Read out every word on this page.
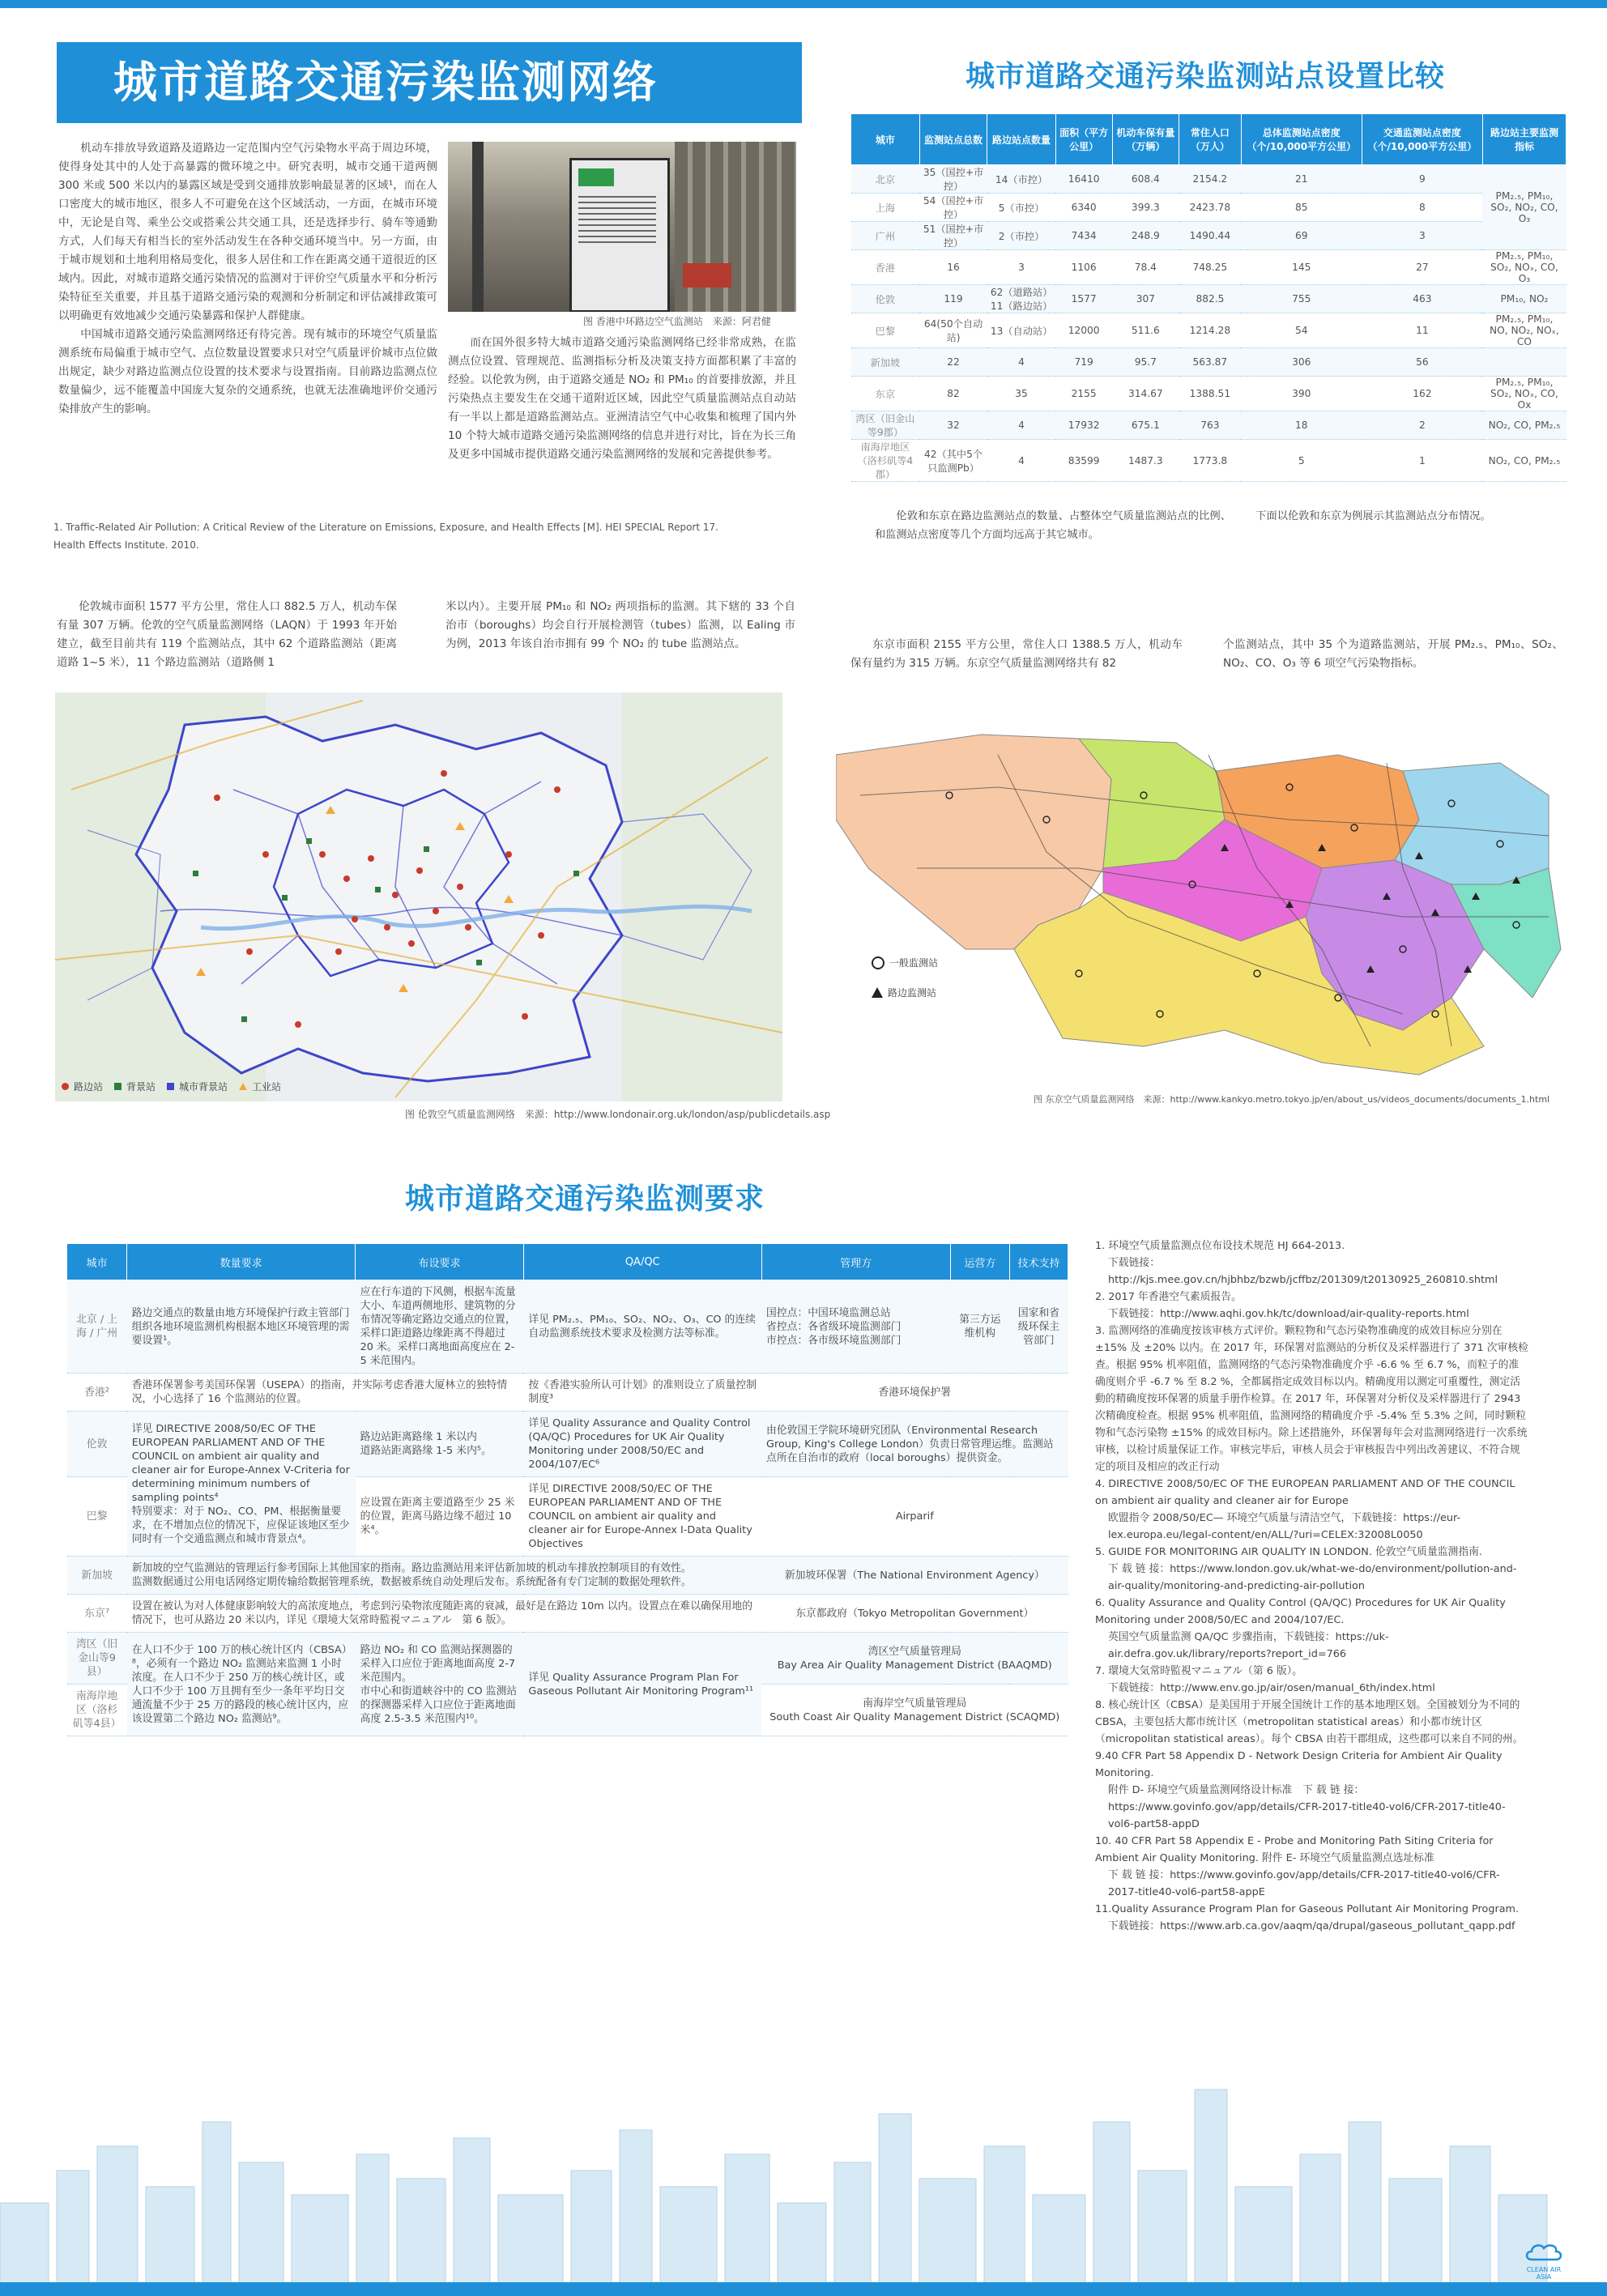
城市道路交通污染监测网络

机动车排放导致道路及道路边一定范围内空气污染物水平高于周边环境，使得身处其中的人处于高暴露的微环境之中。研究表明，城市交通干道两侧 300 米或 500 米以内的暴露区域是受到交通排放影响最显著的区域¹，而在人口密度大的城市地区，很多人不可避免在这个区域活动，一方面，在城市环境中，无论是自驾、乘坐公交或搭乘公共交通工具，还是选择步行、骑车等通勤方式，人们每天有相当长的室外活动发生在各种交通环境当中。另一方面，由于城市规划和土地利用格局变化，很多人居住和工作在距离交通干道很近的区域内。因此，对城市道路交通污染情况的监测对于评价空气质量水平和分析污染特征至关重要，并且基于道路交通污染的观测和分析制定和评估减排政策可以明确更有效地减少交通污染暴露和保护人群健康。

中国城市道路交通污染监测网络还有待完善。现有城市的环境空气质量监测系统布局偏重于城市空气、点位数量设置要求只对空气质量评价城市点位做出规定，缺少对路边监测点位设置的技术要求与设置指南。目前路边监测点位数量偏少，远不能覆盖中国庞大复杂的交通系统，也就无法准确地评价交通污染排放产生的影响。

图 香港中环路边空气监测站　来源：阿君健

而在国外很多特大城市道路交通污染监测网络已经非常成熟，在监测点位设置、管理规范、监测指标分析及决策支持方面都积累了丰富的经验。以伦敦为例，由于道路交通是 NO₂ 和 PM₁₀ 的首要排放源，并且污染热点主要发生在交通干道附近区域，因此空气质量监测站点自动站有一半以上都是道路监测站点。亚洲清洁空气中心收集和梳理了国内外 10 个特大城市道路交通污染监测网络的信息并进行对比，旨在为长三角及更多中国城市提供道路交通污染监测网络的发展和完善提供参考。

1. Traffic-Related Air Pollution: A Critical Review of the Literature on Emissions, Exposure, and Health Effects [M]. HEI SPECIAL Report 17. Health Effects Institute. 2010.
城市道路交通污染监测站点设置比较
城市	监测站点总数	路边站点数量	面积（平方公里）	机动车保有量（万辆）	常住人口（万人）	总体监测站点密度（个/10,000平方公里）	交通监测站点密度（个/10,000平方公里）	路边站主要监测指标
北京	35（国控+市控）	14（市控）	16410	608.4	2154.2	21	9	PM₂.₅, PM₁₀, SO₂, NO₂, CO, O₃
上海	54（国控+市控）	5（市控）	6340	399.3	2423.78	85	8	
广州	51（国控+市控）	2（市控）	7434	248.9	1490.44	69	3	
香港	16	3	1106	78.4	748.25	145	27	PM₂.₅, PM₁₀, SO₂, NOₓ, CO, O₃
伦敦	119	62（道路站）11（路边站）	1577	307	882.5	755	463	PM₁₀, NO₂
巴黎	64(50个自动站)	13（自动站）	12000	511.6	1214.28	54	11	PM₂.₅, PM₁₀, NO, NO₂, NOₓ, CO
新加坡	22	4	719	95.7	563.87	306	56	
东京	82	35	2155	314.67	1388.51	390	162	PM₂.₅, PM₁₀, SO₂, NOₓ, CO, Ox
湾区（旧金山等9郡）	32	4	17932	675.1	763	18	2	NO₂, CO, PM₂.₅
南海岸地区（洛杉矶等4郡）	42（其中5个只监测Pb）	4	83599	1487.3	1773.8	5	1	NO₂, CO, PM₂.₅

伦敦和东京在路边监测站点的数量、占整体空气质量监测站点的比例、和监测站点密度等几个方面均远高于其它城市。

下面以伦敦和东京为例展示其监测站点分布情况。

伦敦城市面积 1577 平方公里，常住人口 882.5 万人，机动车保有量 307 万辆。伦敦的空气质量监测网络（LAQN）于 1993 年开始建立，截至目前共有 119 个监测站点，其中 62 个道路监测站（距离道路 1~5 米），11 个路边监测站（道路侧 1

米以内）。主要开展 PM₁₀ 和 NO₂ 两项指标的监测。其下辖的 33 个自治市（boroughs）均会自行开展检测管（tubes）监测，以 Ealing 市为例，2013 年该自治市拥有 99 个 NO₂ 的 tube 监测站点。	东京市面积 2155 平方公里，常住人口 1388.5 万人，机动车保有量约为 315 万辆。东京空气质量监测网络共有 82

个监测站点，其中 35 个为道路监测站，开展 PM₂.₅、PM₁₀、SO₂、NO₂、CO、O₃ 等 6 项空气污染物指标。

路边站 背景站 城市背景站	工业站
图 伦敦空气质量监测网络　来源：http://www.londonair.org.uk/london/asp/publicdetails.asp
一般监测站
路边监测站
图 东京空气质量监测网络　来源：http://www.kankyo.metro.tokyo.jp/en/about_us/videos_documents/documents_1.html
城市道路交通污染监测要求
城市	数量要求	布设要求	QA/QC	管理方	运营方	技术支持
北京 / 上海 / 广州	路边交通点的数量由地方环境保护行政主管部门组织各地环境监测机构根据本地区环境管理的需要设置¹。	应在行车道的下风侧，根据车流量大小、车道两侧地形、建筑物的分布情况等确定路边交通点的位置，采样口距道路边缘距离不得超过 20 米。采样口离地面高度应在 2-5 米范围内。	详见 PM₂.₅、PM₁₀、SO₂、NO₂、O₃、CO 的连续自动监测系统技术要求及检测方法等标准。	国控点：中国环境监测总站
省控点：各省级环境监测部门
市控点：各市级环境监测部门	第三方运维机构	国家和省级环保主管部门
香港²	香港环保署参考美国环保署（USEPA）的指南，并实际考虑香港大厦林立的独特情况，小心选择了 16 个监测站的位置。		按《香港实验所认可计划》的准则设立了质量控制制度³	香港环境保护署		
伦敦	详见 DIRECTIVE 2008/50/EC OF THE EUROPEAN PARLIAMENT AND OF THE COUNCIL on ambient air quality and cleaner air for Europe-Annex V-Criteria for determining minimum numbers of sampling points⁴
特别要求：对于 NO₂、CO、PM、根据衡量要求，在不增加点位的情况下，应保证该地区至少同时有一个交通监测点和城市背景点⁴。	路边站距离路缘 1 米以内
道路站距离路缘 1-5 米内⁵。	详见 Quality Assurance and Quality Control (QA/QC) Procedures for UK Air Quality Monitoring under 2008/50/EC and 2004/107/EC⁶	由伦敦国王学院环境研究团队（Environmental Research Group, King's College London）负责日常管理运维。监测站点所在自治市的政府（local boroughs）提供资金。		
巴黎		应设置在距离主要道路至少 25 米的位置，距离马路边缘不超过 10 米⁴。	详见 DIRECTIVE 2008/50/EC OF THE EUROPEAN PARLIAMENT AND OF THE COUNCIL on ambient air quality and cleaner air for Europe-Annex I-Data Quality Objectives	Airparif		
新加坡	新加坡的空气监测站的管理运行参考国际上其他国家的指南。路边监测站用来评估新加坡的机动车排放控制项目的有效性。
监测数据通过公用电话网络定期传输给数据管理系统，数据被系统自动处理后发布。系统配备有专门定制的数据处理软件。			新加坡环保署（The National Environment Agency）		
东京⁷	设置在被认为对人体健康影响较大的高浓度地点，考虑到污染物浓度随距离的衰减，最好是在路边 10m 以内。设置点在难以确保用地的情况下，也可从路边 20 米以内，详见《環境大気常時監視マニュアル　第 6 版》。			东京都政府（Tokyo Metropolitan Government）		
湾区（旧金山等9县）	在人口不少于 100 万的核心统计区内（CBSA）⁸，必须有一个路边 NO₂ 监测站来监测 1 小时浓度。在人口不少于 250 万的核心统计区，或人口不少于 100 万且拥有至少一条年平均日交通流量不少于 25 万的路段的核心统计区内，应该设置第二个路边 NO₂ 监测站⁹。	路边 NO₂ 和 CO 监测站探测器的采样入口应位于距离地面高度 2-7 米范围内。
市中心和街道峡谷中的 CO 监测站的探测器采样入口应位于距离地面高度 2.5-3.5 米范围内¹⁰。	详见 Quality Assurance Program Plan For Gaseous Pollutant Air Monitoring Program¹¹	湾区空气质量管理局
Bay Area Air Quality Management District (BAAQMD)		
南海岸地区（洛杉矶等4县）				南海岸空气质量管理局
South Coast Air Quality Management District (SCAQMD)		
1. 环境空气质量监测点位布设技术规范 HJ 664-2013.
下载链接：http://kjs.mee.gov.cn/hjbhbz/bzwb/jcffbz/201309/t20130925_260810.shtml
2. 2017 年香港空气素质报告。
下载链接：http://www.aqhi.gov.hk/tc/download/air-quality-reports.html
3. 监测网络的准确度按该审核方式评价。颗粒物和气态污染物准确度的成效目标应分别在 ±15% 及 ±20% 以内。在 2017 年，环保署对监测站的分析仪及采样器进行了 371 次审核检查。根据 95% 机率阻值，监测网络的气态污染物准确度介乎 -6.6 % 至 6.7 %，而粒子的准确度则介乎 -6.7 % 至 8.2 %，全都属指定成效目标以内。精确度用以测定可重覆性，测定活動的精确度按环保署的质量手册作检算。在 2017 年，环保署对分析仪及采样器进行了 2943 次精确度检查。根据 95% 机率阻值，监测网络的精确度介乎 -5.4% 至 5.3% 之间，同时颗粒物和气态污染物 ±15% 的成效目标内。除上述措施外，环保署每年会对监测网络进行一次系统审核，以检讨质量保证工作。审核完毕后，审核人员会于审核报告中列出改善建议、不符合规定的项目及相应的改正行动
4. DIRECTIVE 2008/50/EC OF THE EUROPEAN PARLIAMENT AND OF THE COUNCIL on ambient air quality and cleaner air for Europe
欧盟指令 2008/50/EC— 环境空气质量与清洁空气，下载链接：https://eur-lex.europa.eu/legal-content/en/ALL/?uri=CELEX:32008L0050
5. GUIDE FOR MONITORING AIR QUALITY IN LONDON. 伦敦空气质量监测指南.
下 载 链 接：https://www.london.gov.uk/what-we-do/environment/pollution-and-air-quality/monitoring-and-predicting-air-pollution
6. Quality Assurance and Quality Control (QA/QC) Procedures for UK Air Quality Monitoring under 2008/50/EC and 2004/107/EC.
英国空气质量监测 QA/QC 步骤指南，下载链接：https://uk-air.defra.gov.uk/library/reports?report_id=766
7. 環境大気常時監視マニュアル（第 6 版）。
下载链接：http://www.env.go.jp/air/osen/manual_6th/index.html
8. 核心统计区（CBSA）是美国用于开展全国统计工作的基本地理区划。全国被划分为不同的 CBSA，主要包括大都市统计区（metropolitan statistical areas）和小都市统计区（micropolitan statistical areas）。每个 CBSA 由若干郡组成，这些郡可以来自不同的州。
9.40 CFR Part 58 Appendix D - Network Design Criteria for Ambient Air Quality Monitoring.
附件 D- 环境空气质量监测网络设计标准　下 载 链 接：https://www.govinfo.gov/app/details/CFR-2017-title40-vol6/CFR-2017-title40-vol6-part58-appD
10. 40 CFR Part 58 Appendix E - Probe and Monitoring Path Siting Criteria for Ambient Air Quality Monitoring. 附件 E- 环境空气质量监测点选址标准
下 载 链 接：https://www.govinfo.gov/app/details/CFR-2017-title40-vol6/CFR-2017-title40-vol6-part58-appE
11.Quality Assurance Program Plan for Gaseous Pollutant Air Monitoring Program.
下载链接：https://www.arb.ca.gov/aaqm/qa/drupal/gaseous_pollutant_qapp.pdf
CLEAN AIR ASIA
